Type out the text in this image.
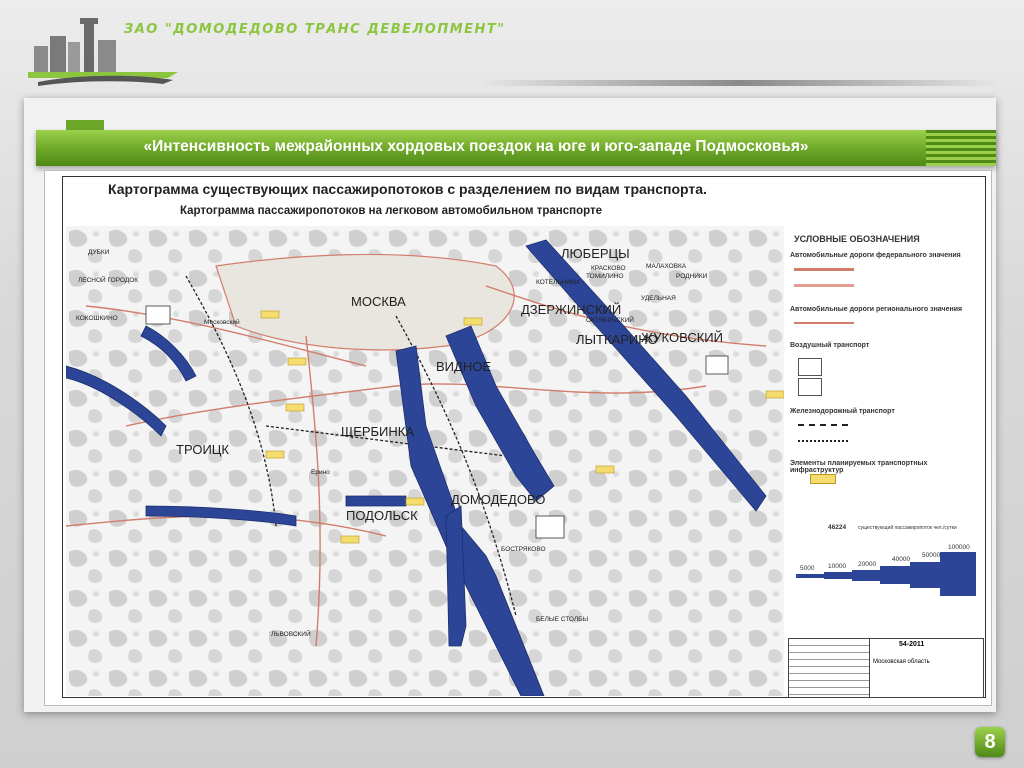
ЗАО "ДОМОДЕДОВО ТРАНС ДЕВЕЛОПМЕНТ"
«Интенсивность межрайонных хордовых поездок на юге и юго-западе Подмосковья»
Картограмма существующих пассажиропотоков с разделением по видам транспорта.
Картограмма пассажиропотоков на легковом автомобильном транспорте
ЛЮБЕРЦЫ
МОСКВА
ДЗЕРЖИНСКИЙ
ЛЫТКАРИНО
ЖУКОВСКИЙ
ВИДНОЕ
ТРОИЦК
ЩЕРБИНКА
ДОМОДЕДОВО
ПОДОЛЬСК
МАЛАХОВКА
РОДНИКИ
КОТЕЛЬНИКИ
КРАСКОВО
ТОМИЛИНО
УДЕЛЬНАЯ
ОКТЯБРЬСКИЙ
ДУБКИ
ЛЕСНОЙ ГОРОДОК
КОКОШКИНО
Московский
Ерино
БОСТРЯКОВО
БЕЛЫЕ СТОЛБЫ
ЛЬВОВСКИЙ
УСЛОВНЫЕ ОБОЗНАЧЕНИЯ
Автомобильные дороги федерального значения
Автомобильные дороги регионального значения
Воздушный транспорт
Железнодорожный транспорт
Элементы планируемых транспортных инфраструктур
46224 существующий пассажиропоток чел./сутки
5000 10000 20000
40000
50000
100000
54-2011
Московская область
8
